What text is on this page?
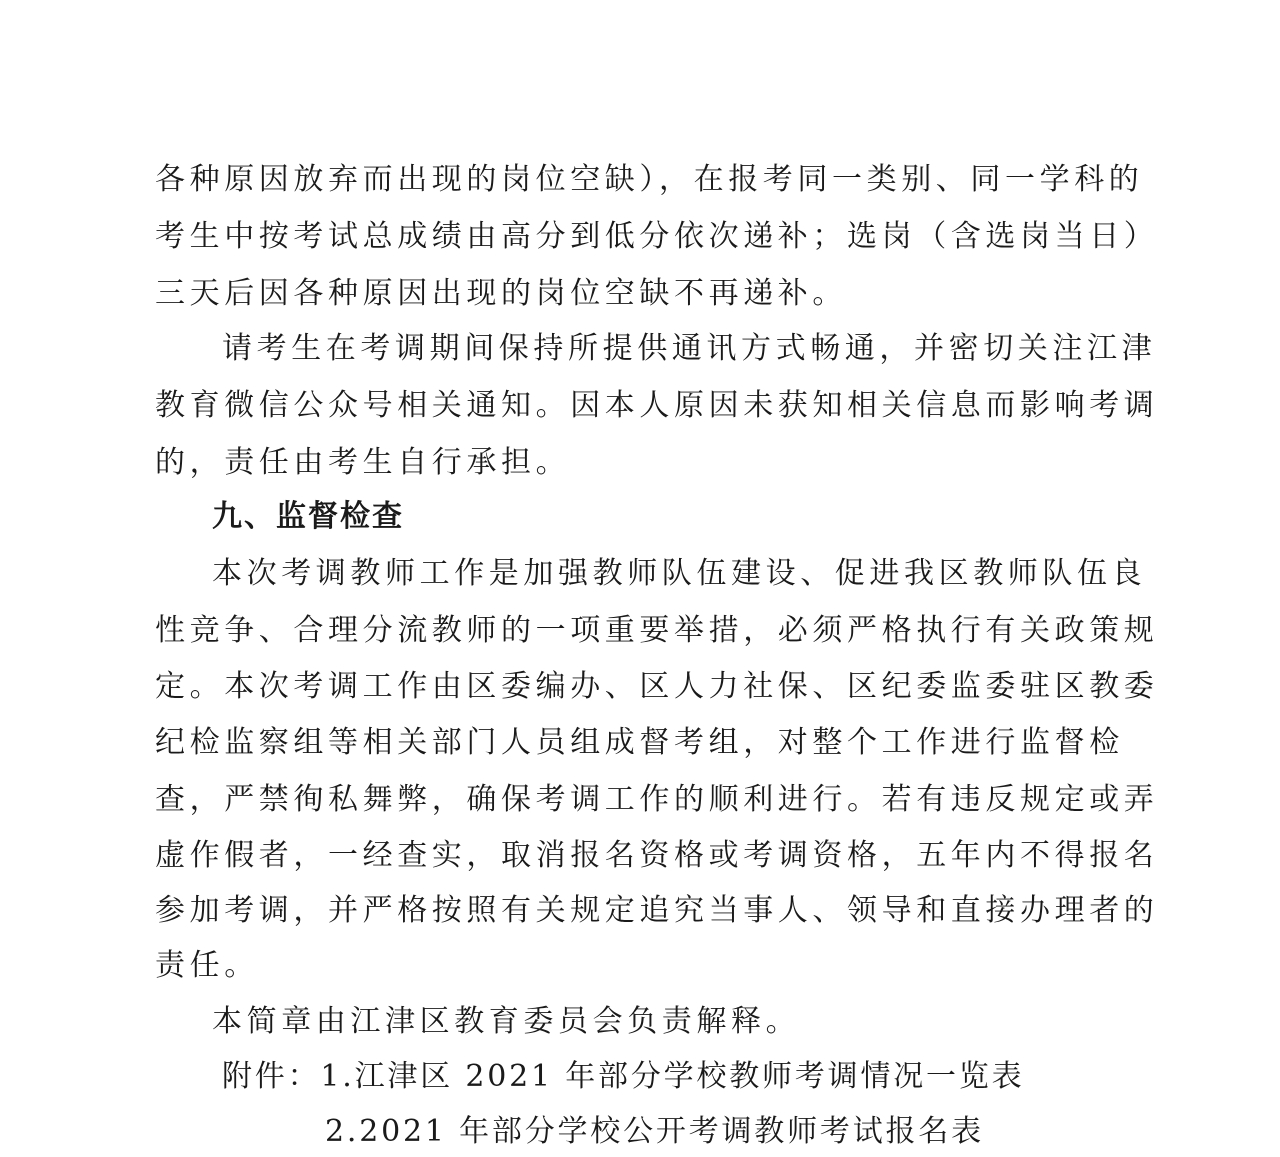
各种原因放弃而出现的岗位空缺），在报考同一类别、同一学科的
考生中按考试总成绩由高分到低分依次递补；选岗（含选岗当日）
三天后因各种原因出现的岗位空缺不再递补。
请考生在考调期间保持所提供通讯方式畅通，并密切关注江津
教育微信公众号相关通知。因本人原因未获知相关信息而影响考调
的，责任由考生自行承担。
九、监督检查
本次考调教师工作是加强教师队伍建设、促进我区教师队伍良
性竞争、合理分流教师的一项重要举措，必须严格执行有关政策规
定。本次考调工作由区委编办、区人力社保、区纪委监委驻区教委
纪检监察组等相关部门人员组成督考组，对整个工作进行监督检
查，严禁徇私舞弊，确保考调工作的顺利进行。若有违反规定或弄
虚作假者，一经查实，取消报名资格或考调资格，五年内不得报名
参加考调，并严格按照有关规定追究当事人、领导和直接办理者的
责任。
本简章由江津区教育委员会负责解释。
附件：1.江津区 2021 年部分学校教师考调情况一览表
2.2021 年部分学校公开考调教师考试报名表
